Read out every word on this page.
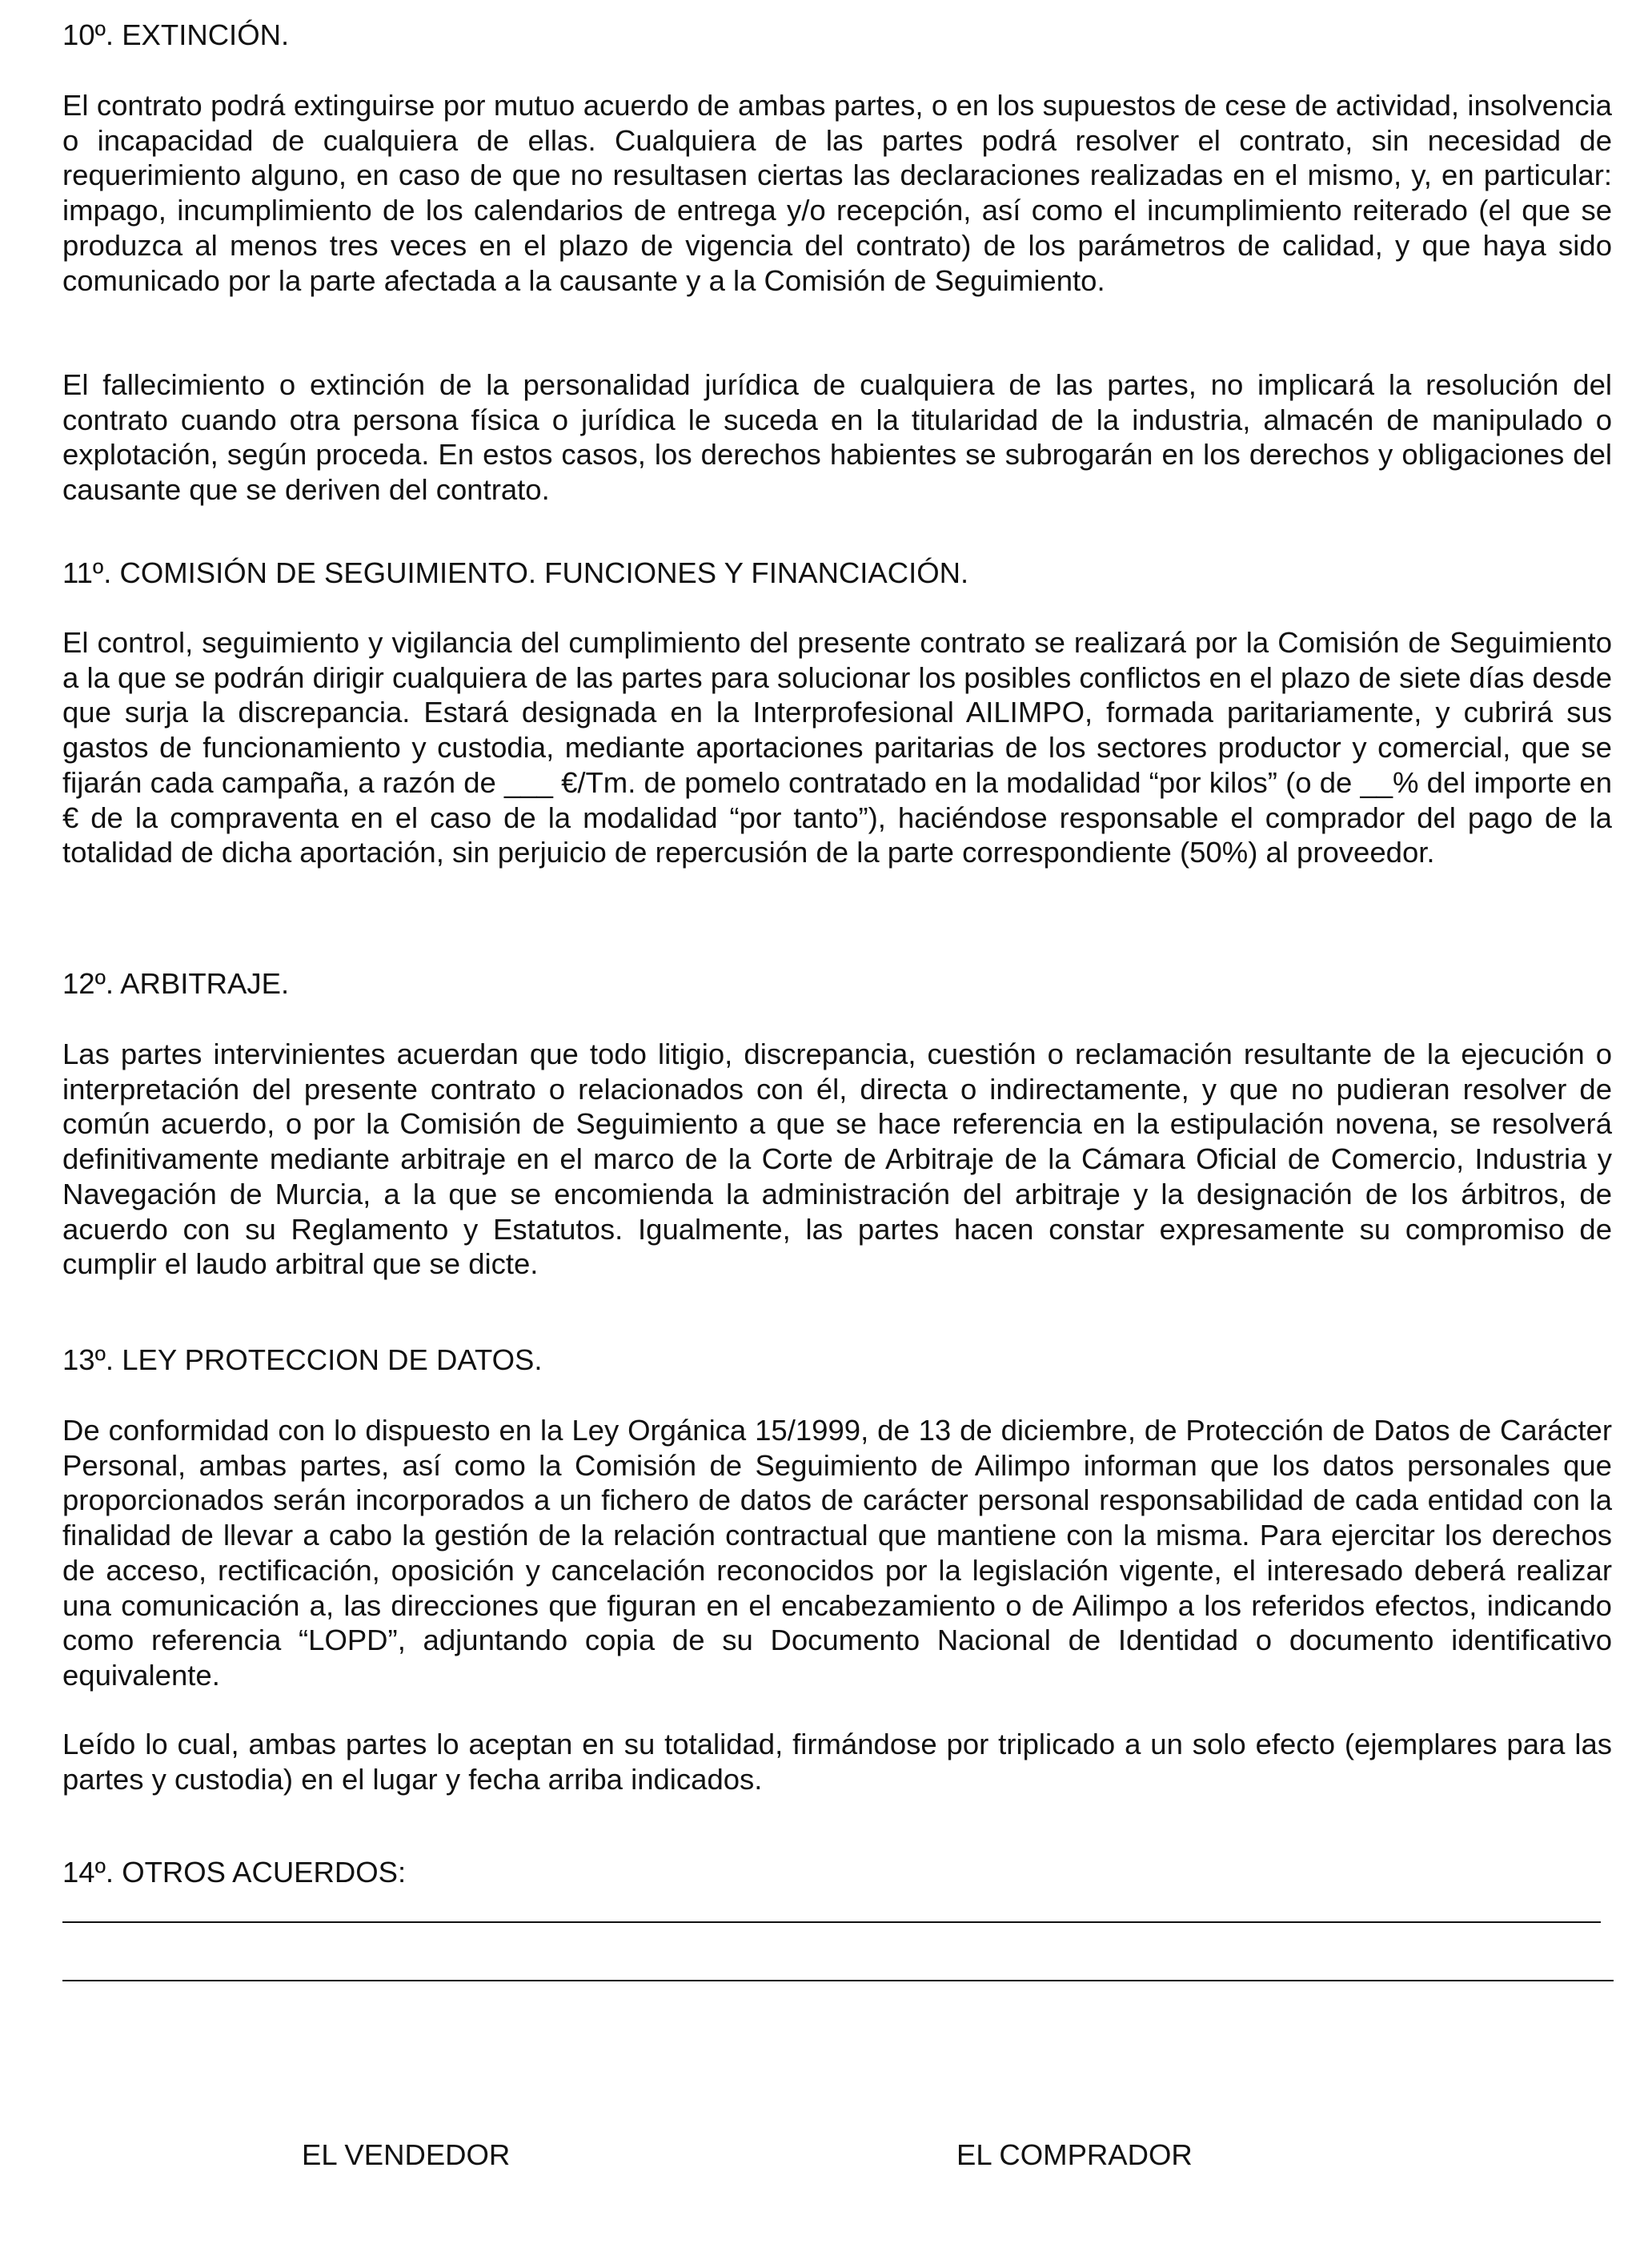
10º. EXTINCIÓN.

El contrato podrá extinguirse por mutuo acuerdo de ambas partes, o en los supuestos de cese de actividad, insolvencia o incapacidad de cualquiera de ellas. Cualquiera de las partes podrá resolver el contrato, sin necesidad de requerimiento alguno, en caso de que no resultasen ciertas las declaraciones realizadas en el mismo, y, en particular: impago, incumplimiento de los calendarios de entrega y/o recepción, así como el incumplimiento reiterado (el que se produzca al menos tres veces en el plazo de vigencia del contrato) de los parámetros de calidad, y que haya sido comunicado por la parte afectada a la causante y a la Comisión de Seguimiento.

El fallecimiento o extinción de la personalidad jurídica de cualquiera de las partes, no implicará la resolución del contrato cuando otra persona física o jurídica le suceda en la titularidad de la industria, almacén de manipulado o explotación, según proceda. En estos casos, los derechos habientes se subrogarán en los derechos y obligaciones del causante que se deriven del contrato.

11º. COMISIÓN DE SEGUIMIENTO. FUNCIONES Y FINANCIACIÓN.

El control, seguimiento y vigilancia del cumplimiento del presente contrato se realizará por la Comisión de Seguimiento a la que se podrán dirigir cualquiera de las partes para solucionar los posibles conflictos en el plazo de siete días desde que surja la discrepancia. Estará designada en la Interprofesional AILIMPO, formada paritariamente, y cubrirá sus gastos de funcionamiento y custodia, mediante aportaciones paritarias de los sectores productor y comercial, que se fijarán cada campaña, a razón de ___ €/Tm. de pomelo contratado en la modalidad “por kilos” (o de __% del importe en € de la compraventa en el caso de la modalidad “por tanto”), haciéndose responsable el comprador del pago de la totalidad de dicha aportación, sin perjuicio de repercusión de la parte correspondiente (50%) al proveedor.

12º. ARBITRAJE.

Las partes intervinientes acuerdan que todo litigio, discrepancia, cuestión o reclamación resultante de la ejecución o interpretación del presente contrato o relacionados con él, directa o indirectamente, y que no pudieran resolver de común acuerdo, o por la Comisión de Seguimiento a que se hace referencia en la estipulación novena, se resolverá definitivamente mediante arbitraje en el marco de la Corte de Arbitraje de la Cámara Oficial de Comercio, Industria y Navegación de Murcia, a la que se encomienda la administración del arbitraje y la designación de los árbitros, de acuerdo con su Reglamento y Estatutos. Igualmente, las partes hacen constar expresamente su compromiso de cumplir el laudo arbitral que se dicte.

13º. LEY PROTECCION DE DATOS.

De conformidad con lo dispuesto en la Ley Orgánica 15/1999, de 13 de diciembre, de Protección de Datos de Carácter Personal, ambas partes, así como la Comisión de Seguimiento de Ailimpo informan que los datos personales que proporcionados serán incorporados a un fichero de datos de carácter personal responsabilidad de cada entidad con la finalidad de llevar a cabo la gestión de la relación contractual que mantiene con la misma. Para ejercitar los derechos de acceso, rectificación, oposición y cancelación reconocidos por la legislación vigente, el interesado deberá realizar una comunicación a, las direcciones que figuran en el encabezamiento o de Ailimpo a los referidos efectos, indicando como referencia “LOPD”, adjuntando copia de su Documento Nacional de Identidad o documento identificativo equivalente.

Leído lo cual, ambas partes lo aceptan en su totalidad, firmándose por triplicado a un solo efecto (ejemplares para las partes y custodia) en el lugar y fecha arriba indicados.

14º. OTROS ACUERDOS:
EL VENDEDOR	EL COMPRADOR
